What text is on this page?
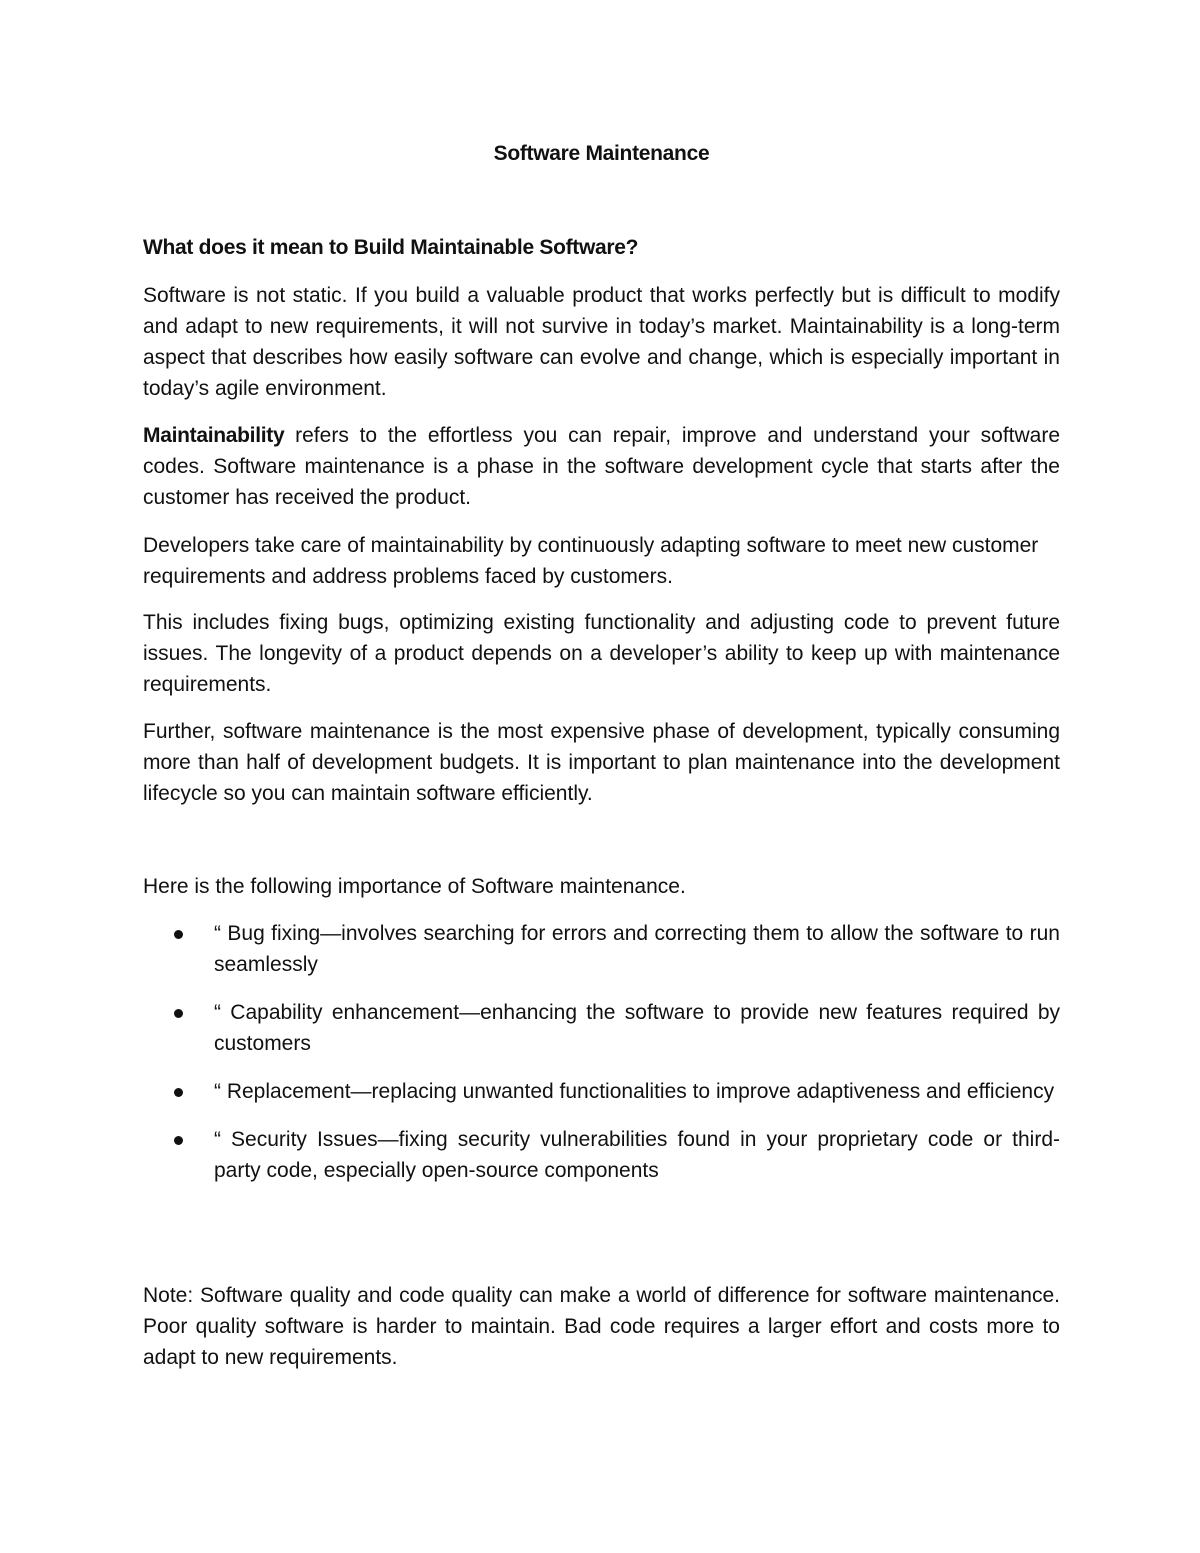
Software Maintenance
What does it mean to Build Maintainable Software?

Software is not static. If you build a valuable product that works perfectly but is difficult to modify and adapt to new requirements, it will not survive in today’s market. Maintainability is a long-term aspect that describes how easily software can evolve and change, which is especially important in today’s agile environment.

Maintainability refers to the effortless you can repair, improve and understand your software codes. Software maintenance is a phase in the software development cycle that starts after the customer has received the product.

Developers take care of maintainability by continuously adapting software to meet new customer requirements and address problems faced by customers.

This includes fixing bugs, optimizing existing functionality and adjusting code to prevent future issues. The longevity of a product depends on a developer’s ability to keep up with maintenance requirements.

Further, software maintenance is the most expensive phase of development, typically consuming more than half of development budgets. It is important to plan maintenance into the development lifecycle so you can maintain software efficiently.

Here is the following importance of Software maintenance.

“ Bug fixing—involves searching for errors and correcting them to allow the software to run seamlessly
“ Capability enhancement—enhancing the software to provide new features required by customers
“ Replacement—replacing unwanted functionalities to improve adaptiveness and efficiency
“ Security Issues—fixing security vulnerabilities found in your proprietary code or third-party code, especially open-source components

Note: Software quality and code quality can make a world of difference for software maintenance. Poor quality software is harder to maintain. Bad code requires a larger effort and costs more to adapt to new requirements.
